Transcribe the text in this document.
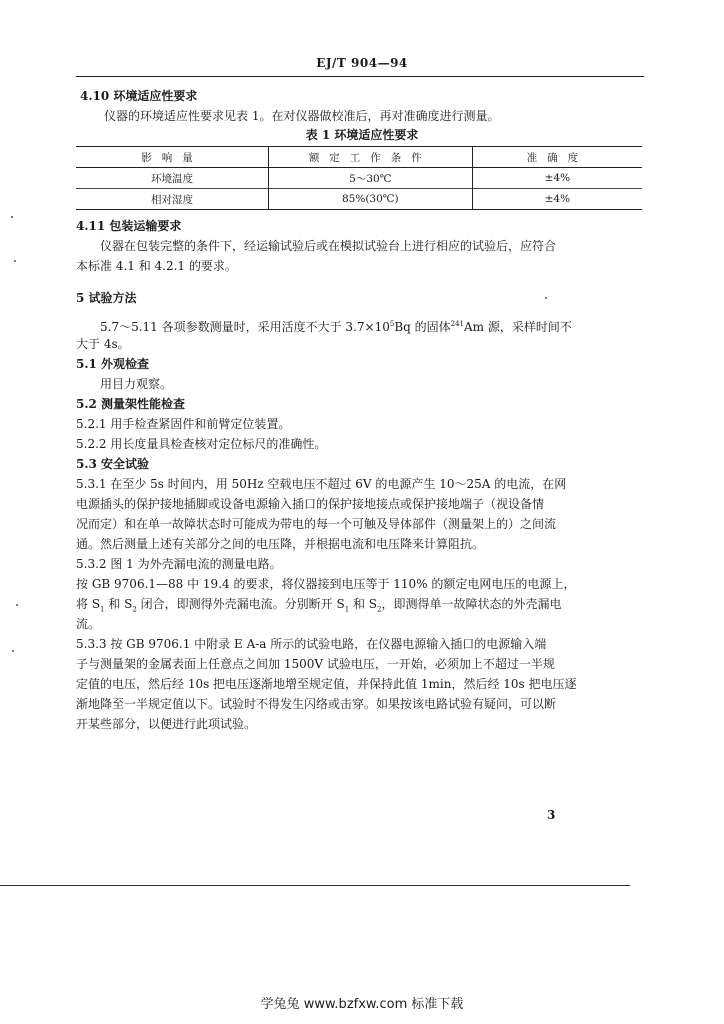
EJ/T 904—94
4.10 环境适应性要求
仪器的环境适应性要求见表 1。在对仪器做校准后，再对准确度进行测量。
表 1 环境适应性要求
影响量	额定工作条件	准确度
环境温度	5～30℃	±4%
相对湿度	85%(30℃)	±4%
4.11 包装运输要求
仪器在包装完整的条件下，经运输试验后或在模拟试验台上进行相应的试验后，应符合
本标准 4.1 和 4.2.1 的要求。
5 试验方法
5.7～5.11 各项参数测量时，采用活度不大于 $3.7\times 10^5Bq$ 的固体$^{241}$Am 源，采样时间不
大于 4s。
5.1 外观检查
用目力观察。
5.2 测量架性能检查
5.2.1 用手检查紧固件和前臂定位装置。
5.2.2 用长度量具检查核对定位标尺的准确性。
5.3 安全试验
5.3.1 在至少 5s 时间内，用 50Hz 空载电压不超过 6V 的电源产生 10～25A 的电流，在网
电源插头的保护接地插脚或设备电源输入插口的保护接地接点或保护接地端子（视设备情
况而定）和在单一故障状态时可能成为带电的每一个可触及导体部件（测量架上的）之间流
通。然后测量上述有关部分之间的电压降，并根据电流和电压降来计算阻抗。
5.3.2 图 1 为外壳漏电流的测量电路。
按 GB 9706.1—88 中 19.4 的要求，将仪器接到电压等于 110% 的额定电网电压的电源上，
将 $S_1$ 和 $S_2$ 闭合，即测得外壳漏电流。分别断开 $S_1$ 和 $S_2$，即测得单一故障状态的外壳漏电
流。
5.3.3 按 GB 9706.1 中附录 E A-a 所示的试验电路，在仪器电源输入插口的电源输入端
子与测量架的金属表面上任意点之间加 1500V 试验电压，一开始，必须加上不超过一半规
定值的电压，然后经 10s 把电压逐渐地增至规定值，并保持此值 1min，然后经 10s 把电压逐
渐地降至一半规定值以下。试验时不得发生闪络或击穿。如果按该电路试验有疑问，可以断
开某些部分，以便进行此项试验。
3
学兔兔 www.bzfxw.com 标准下载
